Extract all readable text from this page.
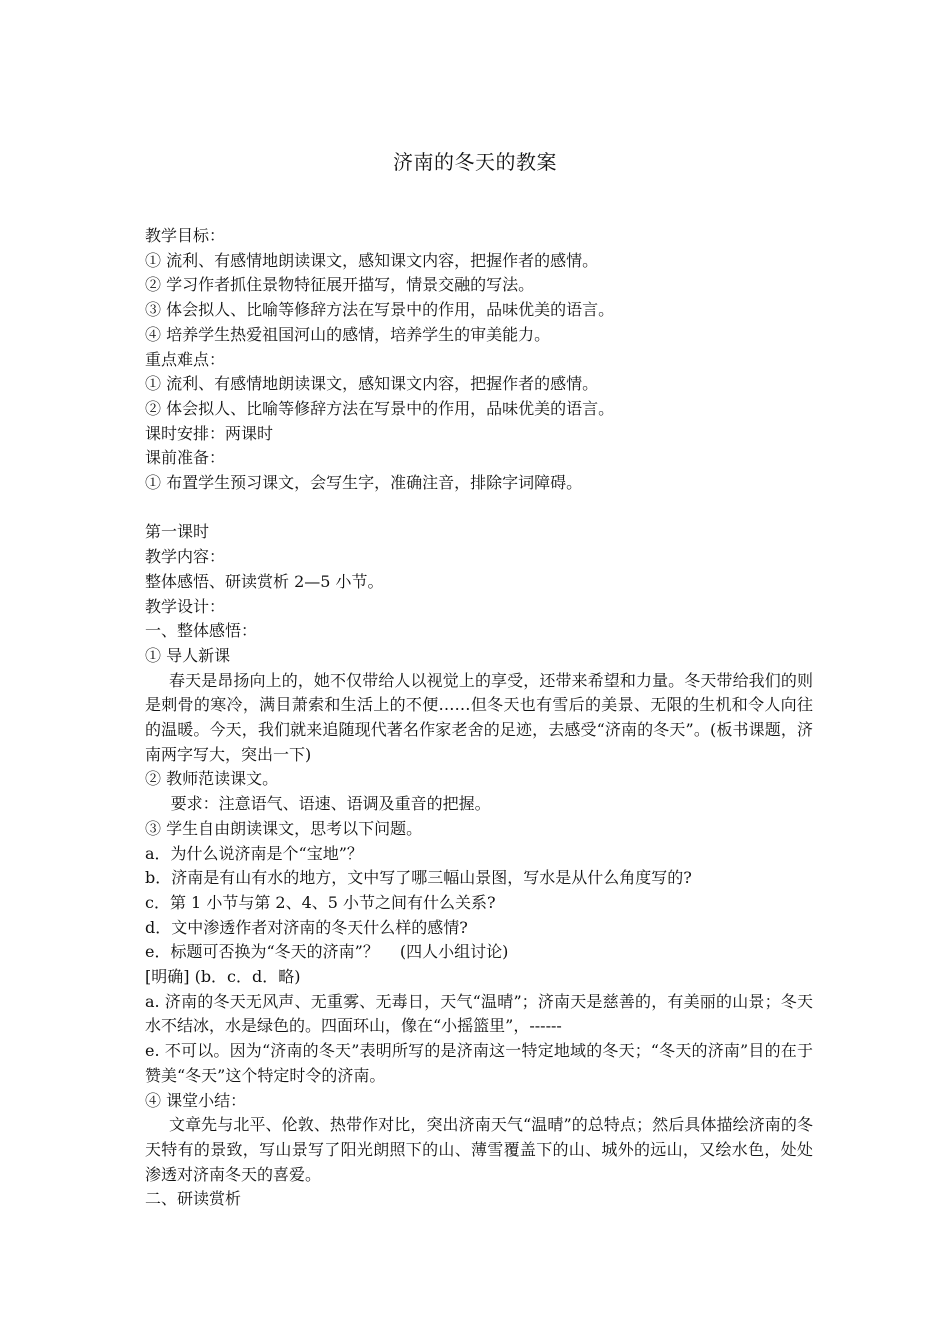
济南的冬天的教案

教学目标：

① 流利、有感情地朗读课文，感知课文内容，把握作者的感情。

② 学习作者抓住景物特征展开描写，情景交融的写法。

③ 体会拟人、比喻等修辞方法在写景中的作用，品味优美的语言。

④ 培养学生热爱祖国河山的感情，培养学生的审美能力。

重点难点：

① 流利、有感情地朗读课文，感知课文内容，把握作者的感情。

② 体会拟人、比喻等修辞方法在写景中的作用，品味优美的语言。

课时安排：两课时

课前准备：

① 布置学生预习课文，会写生字，准确注音，排除字词障碍。

第一课时

教学内容：

整体感悟、研读赏析 2—5 小节。

教学设计：

一、整体感悟：

① 导人新课

春天是昂扬向上的，她不仅带给人以视觉上的享受，还带来希望和力量。冬天带给我们的则是刺骨的寒冷，满目萧索和生活上的不便……但冬天也有雪后的美景、无限的生机和令人向往的温暖。今天，我们就来追随现代著名作家老舍的足迹，去感受“济南的冬天”。(板书课题，济南两字写大，突出一下)

② 教师范读课文。

要求：注意语气、语速、语调及重音的把握。

③ 学生自由朗读课文，思考以下问题。

a．为什么说济南是个“宝地”？

b．济南是有山有水的地方，文中写了哪三幅山景图，写水是从什么角度写的?

c．第 1 小节与第 2、4、5 小节之间有什么关系?

d．文中渗透作者对济南的冬天什么样的感情?

e．标题可否换为“冬天的济南”？　 (四人小组讨论)

[明确] (b．c．d．略)

a. 济南的冬天无风声、无重雾、无毒日，天气“温晴”；济南天是慈善的，有美丽的山景；冬天水不结冰，水是绿色的。四面环山，像在“小摇篮里”，------

e. 不可以。因为“济南的冬天”表明所写的是济南这一特定地域的冬天；“冬天的济南”目的在于赞美“冬天”这个特定时令的济南。

④ 课堂小结：

文章先与北平、伦敦、热带作对比，突出济南天气“温晴”的总特点；然后具体描绘济南的冬天特有的景致，写山景写了阳光朗照下的山、薄雪覆盖下的山、城外的远山，又绘水色，处处渗透对济南冬天的喜爱。

二、研读赏析
